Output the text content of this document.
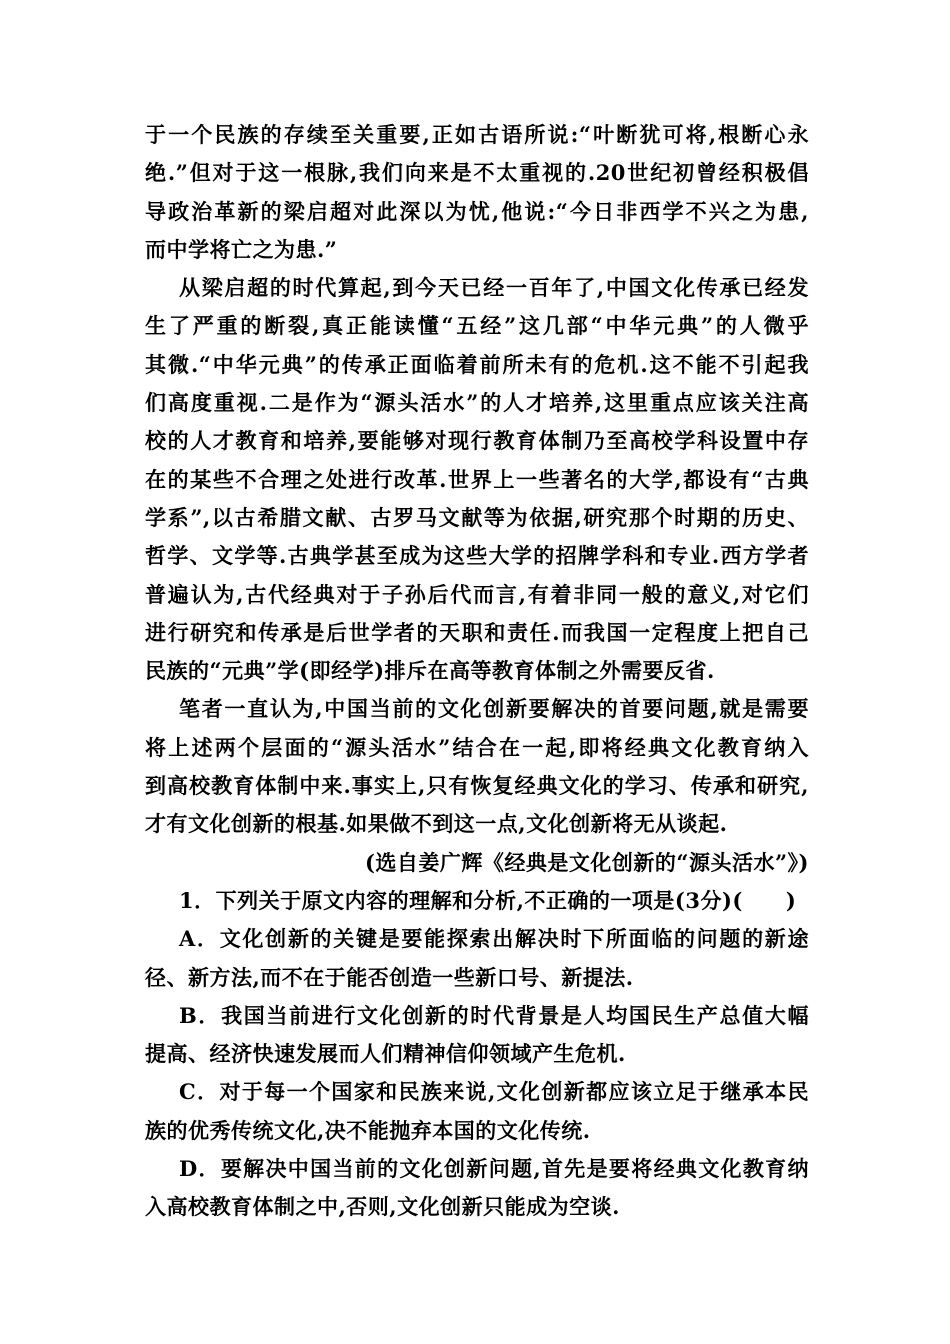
于一个民族的存续至关重要,正如古语所说:“叶断犹可将,根断心永
绝.”但对于这一根脉,我们向来是不太重视的.20世纪初曾经积极倡
导政治革新的梁启超对此深以为忧,他说:“今日非西学不兴之为患,
而中学将亡之为患.”
从梁启超的时代算起,到今天已经一百年了,中国文化传承已经发
生了严重的断裂,真正能读懂“五经”这几部“中华元典”的人微乎
其微.“中华元典”的传承正面临着前所未有的危机.这不能不引起我
们高度重视.二是作为“源头活水”的人才培养,这里重点应该关注高
校的人才教育和培养,要能够对现行教育体制乃至高校学科设置中存
在的某些不合理之处进行改革.世界上一些著名的大学,都设有“古典
学系”,以古希腊文献、古罗马文献等为依据,研究那个时期的历史、
哲学、文学等.古典学甚至成为这些大学的招牌学科和专业.西方学者
普遍认为,古代经典对于子孙后代而言,有着非同一般的意义,对它们
进行研究和传承是后世学者的天职和责任.而我国一定程度上把自己
民族的“元典”学(即经学)排斥在高等教育体制之外需要反省.
笔者一直认为,中国当前的文化创新要解决的首要问题,就是需要
将上述两个层面的“源头活水”结合在一起,即将经典文化教育纳入
到高校教育体制中来.事实上,只有恢复经典文化的学习、传承和研究,
才有文化创新的根基.如果做不到这一点,文化创新将无从谈起.
(选自姜广辉《经典是文化创新的“源头活水”》)
1．下列关于原文内容的理解和分析,不正确的一项是(3分)(　　)
A．文化创新的关键是要能探索出解决时下所面临的问题的新途
径、新方法,而不在于能否创造一些新口号、新提法.
B．我国当前进行文化创新的时代背景是人均国民生产总值大幅
提高、经济快速发展而人们精神信仰领域产生危机.
C．对于每一个国家和民族来说,文化创新都应该立足于继承本民
族的优秀传统文化,决不能抛弃本国的文化传统.
D．要解决中国当前的文化创新问题,首先是要将经典文化教育纳
入高校教育体制之中,否则,文化创新只能成为空谈.
